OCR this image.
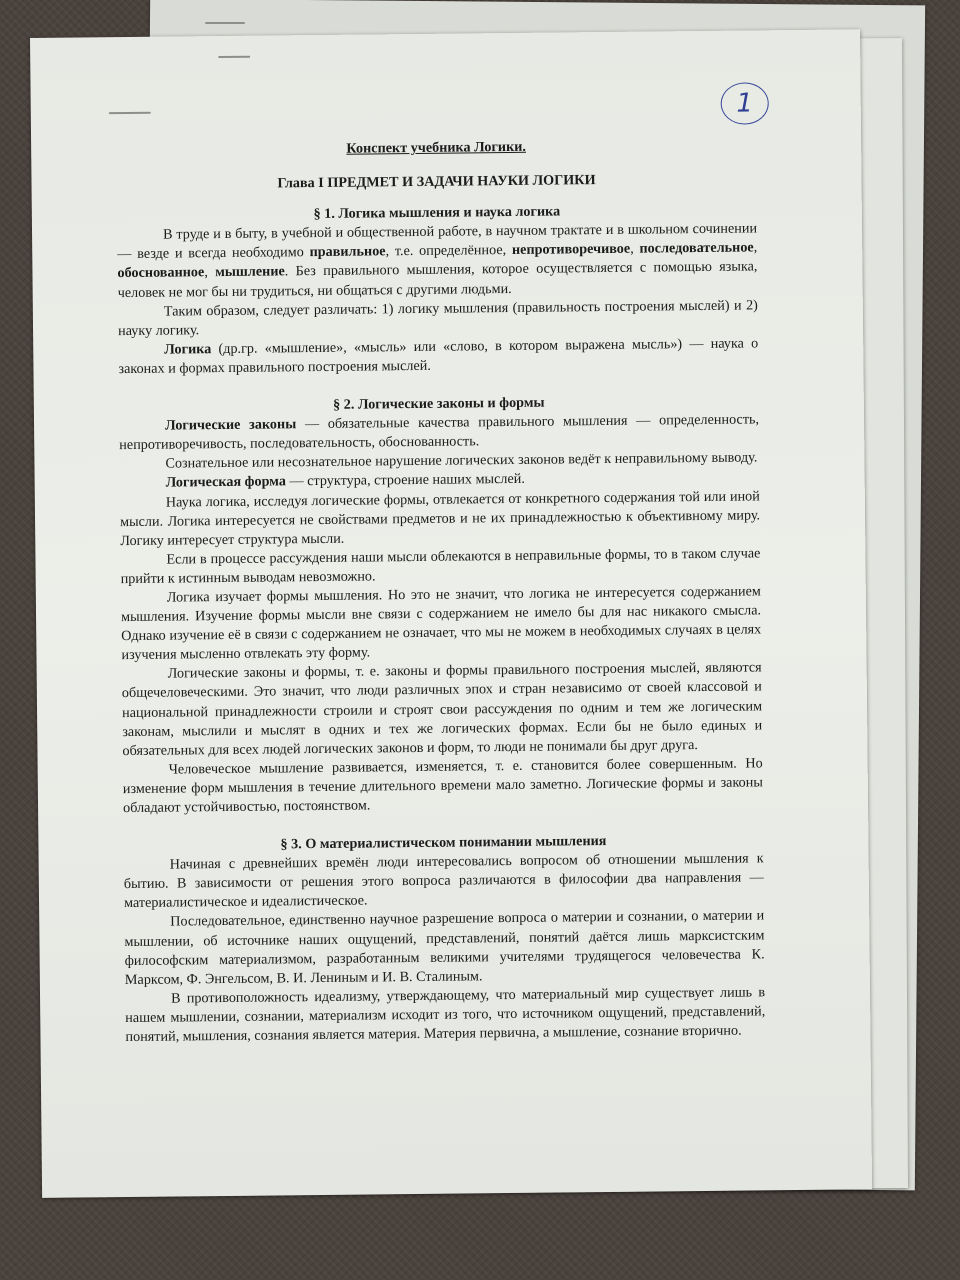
1
Конспект учебника Логики.
Глава I ПРЕДМЕТ И ЗАДАЧИ НАУКИ ЛОГИКИ
§ 1. Логика мышления и наука логика

В труде и в быту, в учебной и общественной работе, в научном трактате и в школьном сочинении — везде и всегда необходимо правильное, т.е. определённое, непротиворечивое, последовательное, обоснованное, мышление. Без правильного мышления, которое осуществляется с помощью языка, человек не мог бы ни трудиться, ни общаться с другими людьми.

Таким образом, следует различать: 1) логику мышления (правильность построения мыслей) и 2) науку логику.

Логика (др.гр. «мышление», «мысль» или «слово, в котором выражена мысль») — наука о законах и формах правильного построения мыслей.

§ 2. Логические законы и формы

Логические законы — обязательные качества правильного мышления — определенность, непротиворечивость, последовательность, обоснованность.

Сознательное или несознательное нарушение логических законов ведёт к неправильному выводу.

Логическая форма — структура, строение наших мыслей.

Наука логика, исследуя логические формы, отвлекается от конкретного содержания той или иной мысли. Логика интересуется не свойствами предметов и не их принадлежностью к объективному миру. Логику интересует структура мысли.

Если в процессе рассуждения наши мысли облекаются в неправильные формы, то в таком случае прийти к истинным выводам невозможно.

Логика изучает формы мышления. Но это не значит, что логика не интересуется содержанием мышления. Изучение формы мысли вне связи с содержанием не имело бы для нас никакого смысла. Однако изучение её в связи с содержанием не означает, что мы не можем в необходимых случаях в целях изучения мысленно отвлекать эту форму.

Логические законы и формы, т. е. законы и формы правильного построения мыслей, являются общечеловеческими. Это значит, что люди различных эпох и стран независимо от своей классовой и национальной принадлежности строили и строят свои рассуждения по одним и тем же логическим законам, мыслили и мыслят в одних и тех же логических формах. Если бы не было единых и обязательных для всех людей логических законов и форм, то люди не понимали бы друг друга.

Человеческое мышление развивается, изменяется, т. е. становится более совершенным. Но изменение форм мышления в течение длительного времени мало заметно. Логические формы и законы обладают устойчивостью, постоянством.

§ 3. О материалистическом понимании мышления

Начиная с древнейших времён люди интересовались вопросом об отношении мышления к бытию. В зависимости от решения этого вопроса различаются в философии два направления — материалистическое и идеалистическое.

Последовательное, единственно научное разрешение вопроса о материи и сознании, о материи и мышлении, об источнике наших ощущений, представлений, понятий даётся лишь марксистским философским материализмом, разработанным великими учителями трудящегося человечества К. Марксом, Ф. Энгельсом, В. И. Лениным и И. В. Сталиным.

В противоположность идеализму, утверждающему, что материальный мир существует лишь в нашем мышлении, сознании, материализм исходит из того, что источником ощущений, представлений, понятий, мышления, сознания является материя. Материя первична, а мышление, сознание вторично.
